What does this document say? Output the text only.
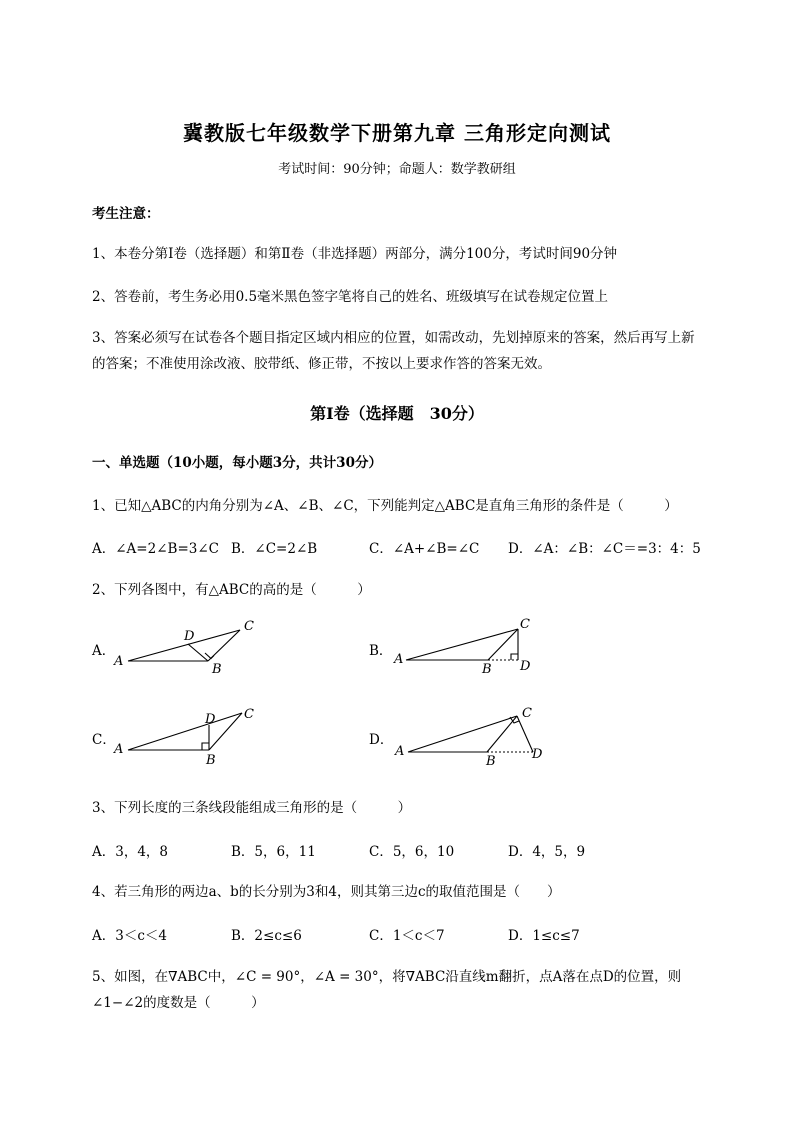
冀教版七年级数学下册第九章 三角形定向测试
考试时间：90分钟；命题人：数学教研组
考生注意：
1、本卷分第I卷（选择题）和第Ⅱ卷（非选择题）两部分，满分100分，考试时间90分钟
2、答卷前，考生务必用0.5毫米黑色签字笔将自己的姓名、班级填写在试卷规定位置上
3、答案必须写在试卷各个题目指定区域内相应的位置，如需改动，先划掉原来的答案，然后再写上新
的答案；不准使用涂改液、胶带纸、修正带，不按以上要求作答的答案无效。
第I卷（选择题　30分）
一、单选题（10小题，每小题3分，共计30分）
1、已知△ABC的内角分别为∠A、∠B、∠C，下列能判定△ABC是直角三角形的条件是（　　　）
A．∠A=2∠B=3∠C B．∠C=2∠B	C．∠A+∠B=∠C D．∠A：∠B：∠C＝=3：4：5
2、下列各图中，有△ABC的高的是（　　　）
A．	B．
C．	D．
A
B
C
D
A
B
C
D
A
B
C
D
A
B
C
D
3、下列长度的三条线段能组成三角形的是（　　　）
A．3，4，8	B．5，6，11	C．5，6，10	D．4，5，9
4、若三角形的两边a、b的长分别为3和4，则其第三边c的取值范围是（　　）
A．3＜c＜4	B．2≤c≤6	C．1＜c＜7	D．1≤c≤7
5、如图，在∇ABC中，∠C = 90°，∠A = 30°，将∇ABC沿直线m翻折，点A落在点D的位置，则
∠1−∠2的度数是（　　　）
